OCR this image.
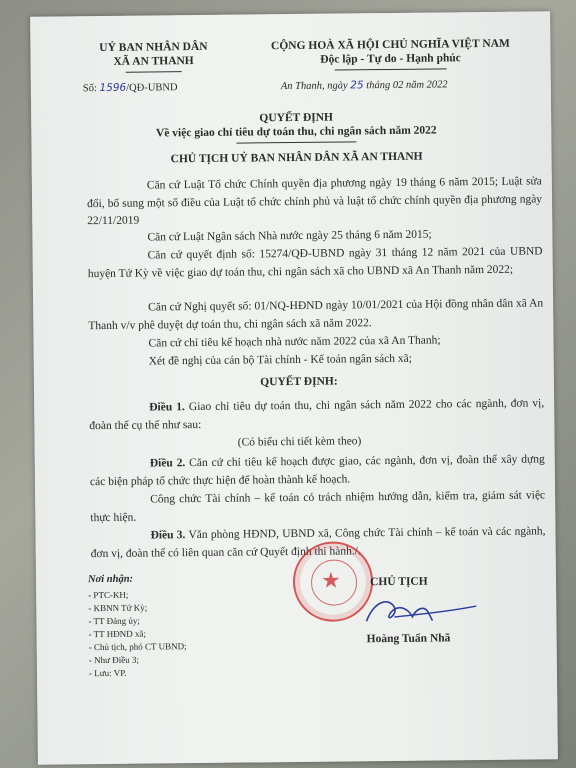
UỶ BAN NHÂN DÂN
XÃ AN THANH
Số: 1596/QĐ-UBND
CỘNG HOÀ XÃ HỘI CHỦ NGHĨA VIỆT NAM
Độc lập - Tự do - Hạnh phúc
An Thanh, ngày 25 tháng 02 năm 2022
QUYẾT ĐỊNH
Về việc giao chỉ tiêu dự toán thu, chi ngân sách năm 2022
CHỦ TỊCH UỶ BAN NHÂN DÂN XÃ AN THANH
Căn cứ Luật Tổ chức Chính quyền địa phương ngày 19 tháng 6 năm 2015; Luật sửa đổi, bổ sung một số điều của Luật tổ chức chính phủ và luật tổ chức chính quyền địa phương ngày 22/11/2019
Căn cứ Luật Ngân sách Nhà nước ngày 25 tháng 6 năm 2015;
Căn cứ quyết định số: 15274/QĐ-UBND ngày 31 tháng 12 năm 2021 của UBND huyện Tứ Kỳ về việc giao dự toán thu, chi ngân sách xã cho UBND xã An Thanh năm 2022;
Căn cứ Nghị quyết số: 01/NQ-HĐND ngày 10/01/2021 của Hội đồng nhân dân xã An Thanh v/v phê duyệt dự toán thu, chi ngân sách xã năm 2022.
Căn cứ chỉ tiêu kế hoạch nhà nước năm 2022 của xã An Thanh;
Xét đề nghị của cán bộ Tài chính - Kế toán ngân sách xã;
QUYẾT ĐỊNH:
Điều 1. Giao chỉ tiêu dự toán thu, chi ngân sách năm 2022 cho các ngành, đơn vị, đoàn thể cụ thể như sau:
(Có biểu chi tiết kèm theo)
Điều 2. Căn cứ chỉ tiêu kế hoạch được giao, các ngành, đơn vị, đoàn thể xây dựng các biện pháp tổ chức thực hiện để hoàn thành kế hoạch.
Công chức Tài chính – kế toán có trách nhiệm hướng dẫn, kiểm tra, giám sát việc thực hiện.
Điều 3. Văn phòng HĐND, UBND xã, Công chức Tài chính – kế toán và các ngành, đơn vị, đoàn thể có liên quan căn cứ Quyết định thi hành./.
Nơi nhận:
- PTC-KH;
- KBNN Tứ Kỳ;
- TT Đảng ủy;
- TT HĐND xã;
- Chủ tịch, phó CT UBND;
- Như Điều 3;
- Lưu: VP.
★	CHỦ TỊCH
Hoàng Tuấn Nhã
